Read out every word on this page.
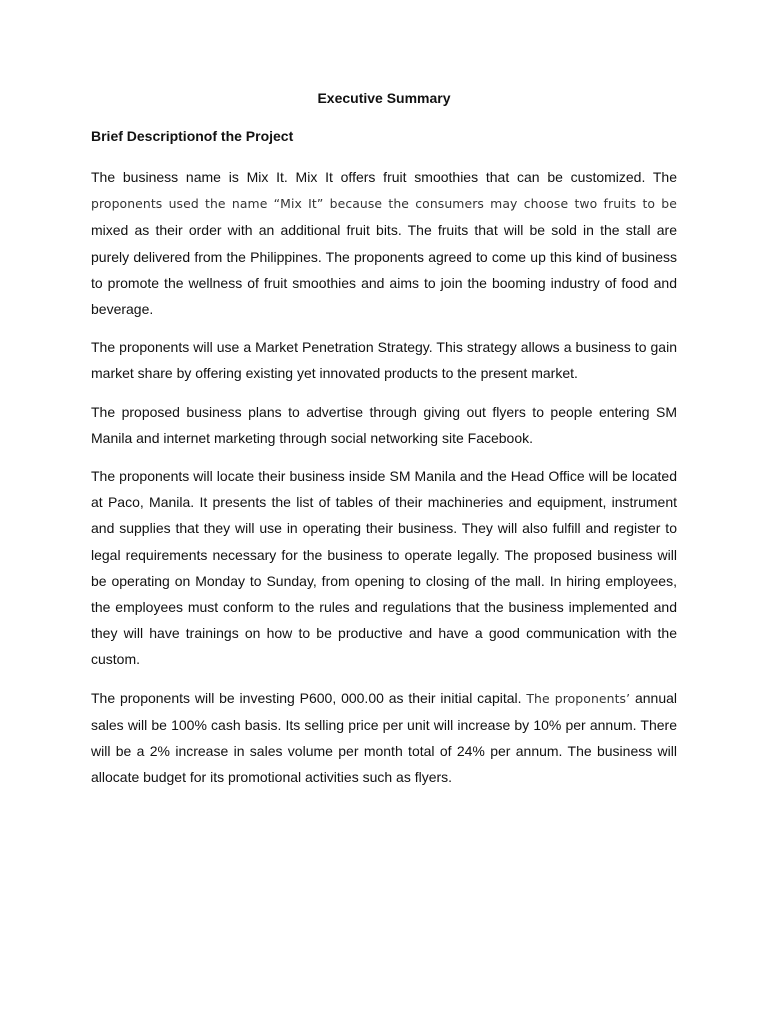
Executive Summary
Brief Descriptionof the Project

The business name is Mix It. Mix It offers fruit smoothies that can be customized. The proponents used the name “Mix It” because the consumers may choose two fruits to be mixed as their order with an additional fruit bits. The fruits that will be sold in the stall are purely delivered from the Philippines. The proponents agreed to come up this kind of business to promote the wellness of fruit smoothies and aims to join the booming industry of food and beverage.

The proponents will use a Market Penetration Strategy. This strategy allows a business to gain market share by offering existing yet innovated products to the present market.

The proposed business plans to advertise through giving out flyers to people entering SM Manila and internet marketing through social networking site Facebook.

The proponents will locate their business inside SM Manila and the Head Office will be located at Paco, Manila. It presents the list of tables of their machineries and equipment, instrument and supplies that they will use in operating their business. They will also fulfill and register to legal requirements necessary for the business to operate legally. The proposed business will be operating on Monday to Sunday, from opening to closing of the mall. In hiring employees, the employees must conform to the rules and regulations that the business implemented and they will have trainings on how to be productive and have a good communication with the custom.

The proponents will be investing P600, 000.00 as their initial capital. The proponents’ annual sales will be 100% cash basis. Its selling price per unit will increase by 10% per annum. There will be a 2% increase in sales volume per month total of 24% per annum. The business will allocate budget for its promotional activities such as flyers.
